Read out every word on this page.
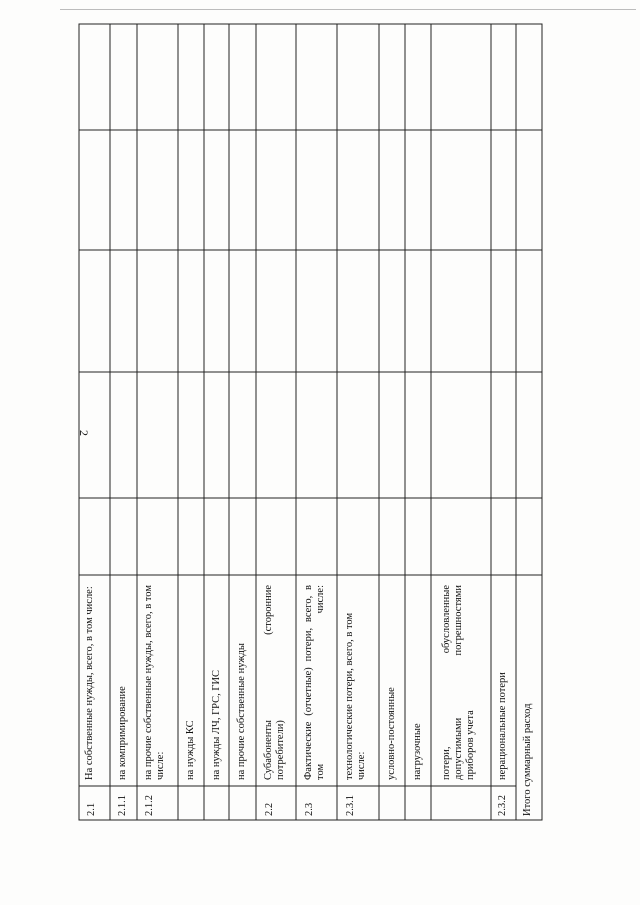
2
2.1
На собственные нужды, всего, в том числе:
2.1.1
на компримирование
2.1.2
на прочие собственные нужды, всего, в том числе: на нужды КС на нужды ЛЧ, ГРС, ГИС на прочие собственные нужды
2.2
Субабоненты
(сторонние
потребители)
2.3
Фактические (отчетные) потери, всего, в том числе:
2.3.1
технологические потери, всего, в том числе: условно-постоянные нагрузочные потери,
обусловленные
допустимыми
погрешностями
приборов учета
2.3.2
нерациональные потери Итого суммарный расход
